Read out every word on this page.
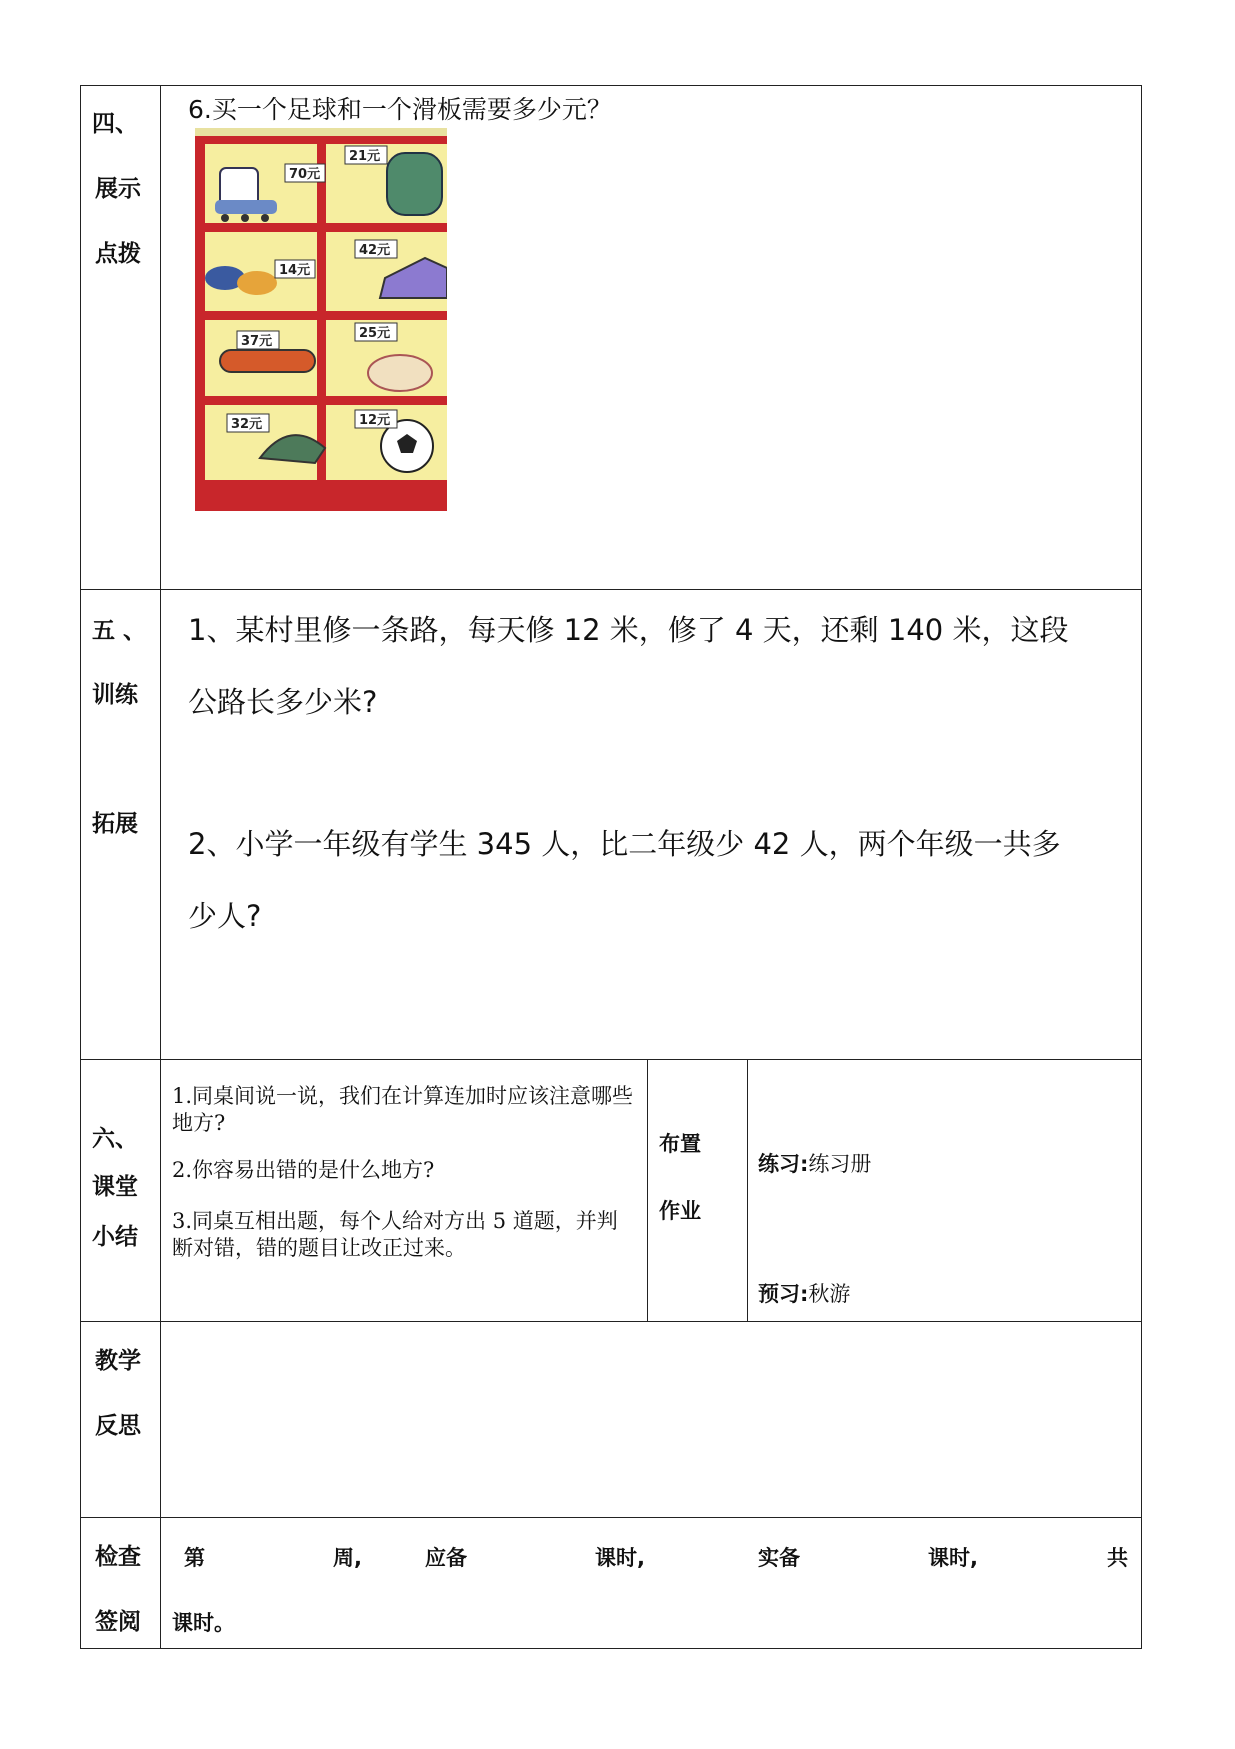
四、
展示
点拨
6.买一个足球和一个滑板需要多少元？
70元
21元
14元
42元
37元
25元
32元	12元
五 、
训练
拓展
1、某村里修一条路，每天修 12 米，修了 4 天，还剩 140 米，这段
公路长多少米?
2、小学一年级有学生 345 人，比二年级少 42 人，两个年级一共多
少人?
六、
课堂
小结
1.同桌间说一说，我们在计算连加时应该注意哪些地方?
2.你容易出错的是什么地方?
3.同桌互相出题，每个人给对方出 5 道题，并判断对错，错的题目让改正过来。
布置
作业
练习:练习册
预习:秋游
教学
反思
检查
签阅
第	周,	应备	课时,	实备	课时,	共
课时。
